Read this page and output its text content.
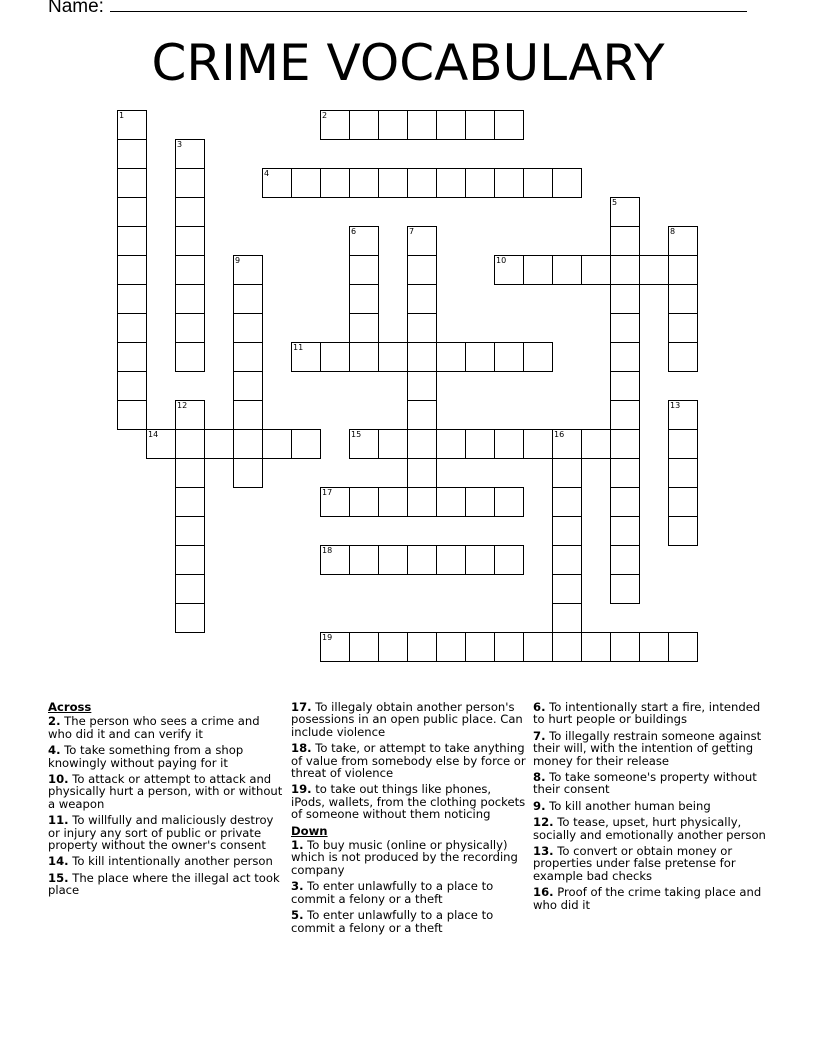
Name:
CRIME VOCABULARY
1	2
3
4
5
6	7	8
9	10
11
12	13
14	15	16
17
18
19
Across
2. The person who sees a crime and who did it and can verify it
4. To take something from a shop knowingly without paying for it
10. To attack or attempt to attack and physically hurt a person, with or without a weapon
11. To willfully and maliciously destroy or injury any sort of public or private property without the owner's consent
14. To kill intentionally another person
15. The place where the illegal act took place
17. To illegaly obtain another person's posessions in an open public place. Can include violence
18. To take, or attempt to take anything of value from somebody else by force or threat of violence
19. to take out things like phones, iPods, wallets, from the clothing pockets of someone without them noticing
Down
1. To buy music (online or physically) which is not produced by the recording company
3. To enter unlawfully to a place to commit a felony or a theft
5. To enter unlawfully to a place to commit a felony or a theft
6. To intentionally start a fire, intended to hurt people or buildings
7. To illegally restrain someone against their will, with the intention of getting money for their release
8. To take someone's property without their consent
9. To kill another human being
12. To tease, upset, hurt physically, socially and emotionally another person
13. To convert or obtain money or properties under false pretense for example bad checks
16. Proof of the crime taking place and who did it
